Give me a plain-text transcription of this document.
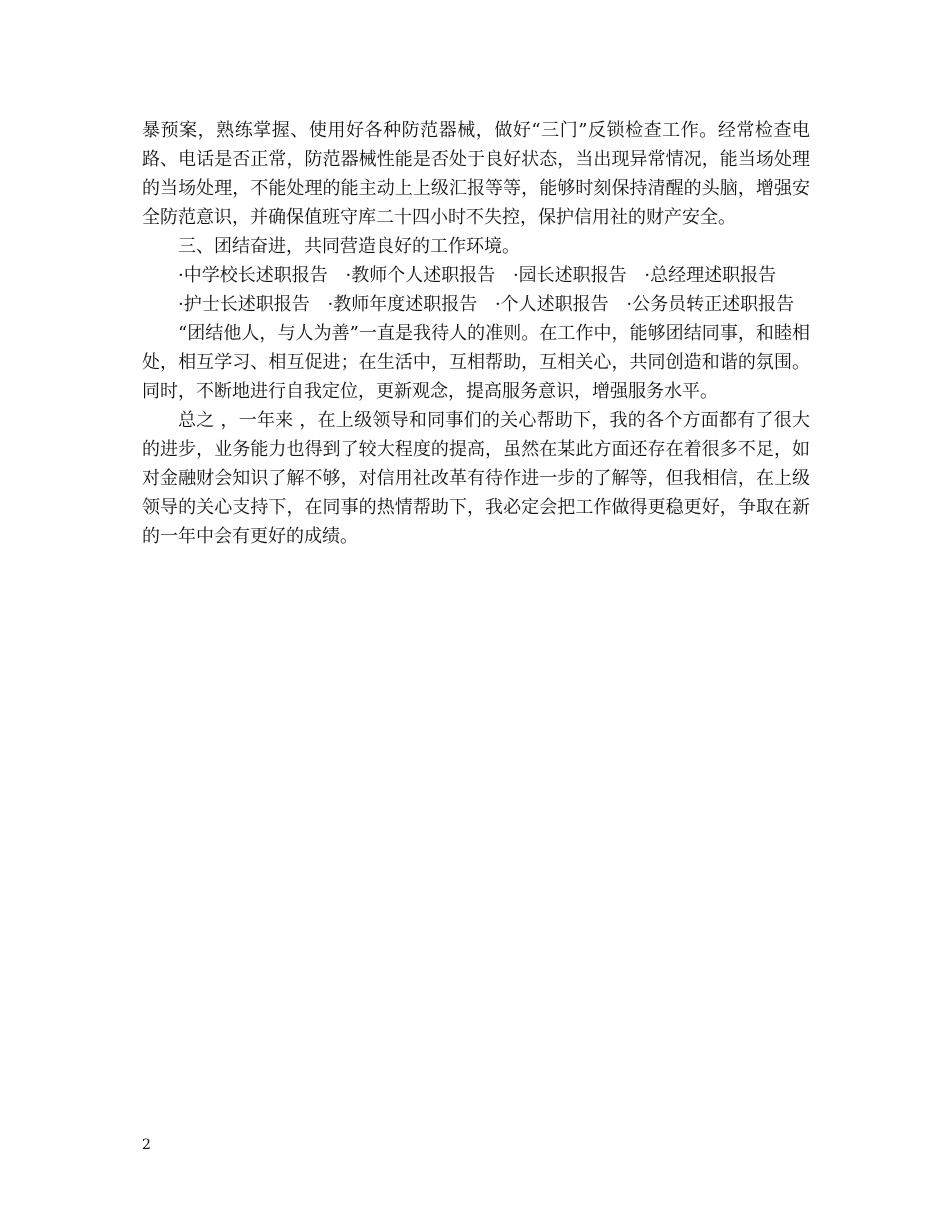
暴预案，熟练掌握、使用好各种防范器械，做好“三门”反锁检查工作。经常检查电路、电话是否正常，防范器械性能是否处于良好状态，当出现异常情况，能当场处理的当场处理，不能处理的能主动上上级汇报等等，能够时刻保持清醒的头脑，增强安全防范意识，并确保值班守库二十四小时不失控，保护信用社的财产安全。

三、团结奋进，共同营造良好的工作环境。

·中学校长述职报告 ·教师个人述职报告 ·园长述职报告 ·总经理述职报告

·护士长述职报告 ·教师年度述职报告 ·个人述职报告 ·公务员转正述职报告

“团结他人，与人为善”一直是我待人的准则。在工作中，能够团结同事，和睦相处，相互学习、相互促进；在生活中，互相帮助，互相关心，共同创造和谐的氛围。同时，不断地进行自我定位，更新观念，提高服务意识，增强服务水平。

总之 ，一年来 ，在上级领导和同事们的关心帮助下，我的各个方面都有了很大的进步，业务能力也得到了较大程度的提高，虽然在某此方面还存在着很多不足，如对金融财会知识了解不够，对信用社改革有待作进一步的了解等，但我相信，在上级领导的关心支持下，在同事的热情帮助下，我必定会把工作做得更稳更好，争取在新的一年中会有更好的成绩。

2
